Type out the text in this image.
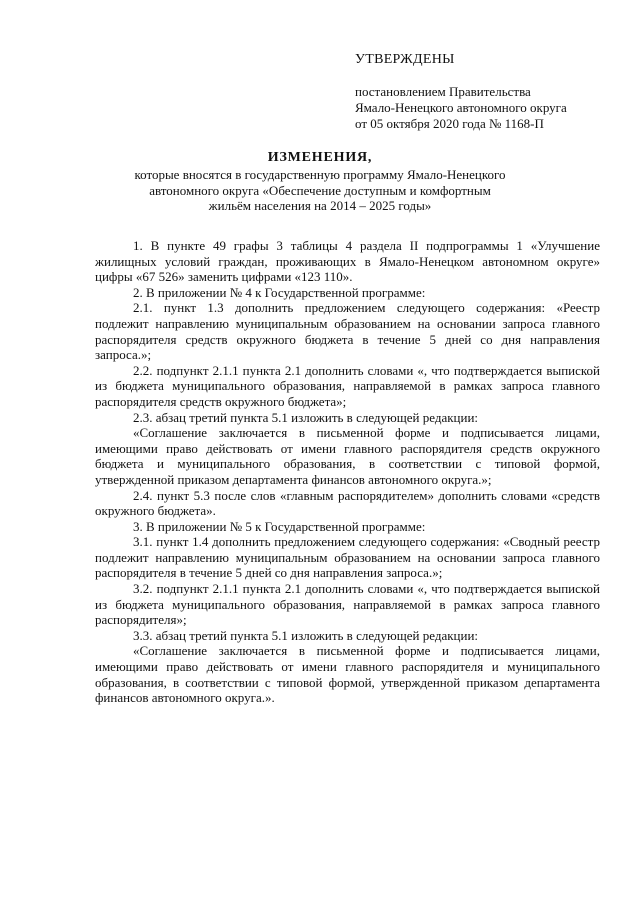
УТВЕРЖДЕНЫ
постановлением Правительства
Ямало-Ненецкого автономного округа
от 05 октября 2020 года № 1168-П
ИЗМЕНЕНИЯ,
которые вносятся в государственную программу Ямало-Ненецкого автономного округа «Обеспечение доступным и комфортным жильём населения на 2014 – 2025 годы»

1. В пункте 49 графы 3 таблицы 4 раздела II подпрограммы 1 «Улучшение жилищных условий граждан, проживающих в Ямало-Ненецком автономном округе» цифры «67 526» заменить цифрами «123 110».

2. В приложении № 4 к Государственной программе:

2.1. пункт 1.3 дополнить предложением следующего содержания: «Реестр подлежит направлению муниципальным образованием на основании запроса главного распорядителя средств окружного бюджета в течение 5 дней со дня направления запроса.»;

2.2. подпункт 2.1.1 пункта 2.1 дополнить словами «, что подтверждается выпиской из бюджета муниципального образования, направляемой в рамках запроса главного распорядителя средств окружного бюджета»;

2.3. абзац третий пункта 5.1 изложить в следующей редакции:

«Соглашение заключается в письменной форме и подписывается лицами, имеющими право действовать от имени главного распорядителя средств окружного бюджета и муниципального образования, в соответствии с типовой формой, утвержденной приказом департамента финансов автономного округа.»;

2.4. пункт 5.3 после слов «главным распорядителем» дополнить словами «средств окружного бюджета».

3. В приложении № 5 к Государственной программе:

3.1. пункт 1.4 дополнить предложением следующего содержания: «Сводный реестр подлежит направлению муниципальным образованием на основании запроса главного распорядителя в течение 5 дней со дня направления запроса.»;

3.2. подпункт 2.1.1 пункта 2.1 дополнить словами «, что подтверждается выпиской из бюджета муниципального образования, направляемой в рамках запроса главного распорядителя»;

3.3. абзац третий пункта 5.1 изложить в следующей редакции:

«Соглашение заключается в письменной форме и подписывается лицами, имеющими право действовать от имени главного распорядителя и муниципального образования, в соответствии с типовой формой, утвержденной приказом департамента финансов автономного округа.».
